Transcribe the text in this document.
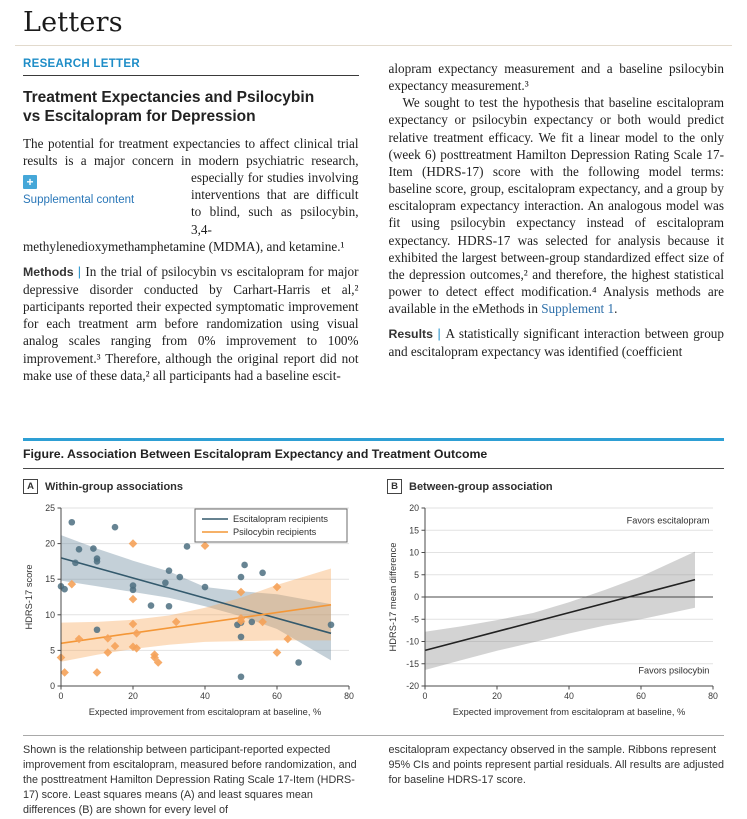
Letters
RESEARCH LETTER
Treatment Expectancies and Psilocybin vs Escitalopram for Depression

+
Supplemental content
The potential for treatment expectancies to affect clinical trial results is a major concern in modern psychiatric research, especially for studies involving interventions that are difficult to blind, such as psilocybin, 3,4-methylenedioxymethamphetamine (MDMA), and ketamine.¹

Methods | In the trial of psilocybin vs escitalopram for major depressive disorder conducted by Carhart-Harris et al,² participants reported their expected symptomatic improvement for each treatment arm before randomization using visual analog scales ranging from 0% improvement to 100% improvement.³ Therefore, although the original report did not make use of these data,² all participants had a baseline escit-

alopram expectancy measurement and a baseline psilocybin expectancy measurement.³

We sought to test the hypothesis that baseline escitalopram expectancy or psilocybin expectancy or both would predict relative treatment efficacy. We fit a linear model to the only (week 6) posttreatment Hamilton Depression Rating Scale 17-Item (HDRS-17) score with the following model terms: baseline score, group, escitalopram expectancy, and a group by escitalopram expectancy interaction. An analogous model was fit using psilocybin expectancy instead of escitalopram expectancy. HDRS-17 was selected for analysis because it exhibited the largest between-group standardized effect size of the depression outcomes,² and therefore, the highest statistical power to detect effect modification.⁴ Analysis methods are available in the eMethods in Supplement 1.

Results | A statistically significant interaction between group and escitalopram expectancy was identified (coefficient

Figure. Association Between Escitalopram Expectancy and Treatment Outcome
A	Within-group associations
0	20	40	60	80
0
5
10
15
20
25
Expected improvement from escitalopram at baseline, %
HDRS-17 score
Escitalopram recipients
Psilocybin recipients
B	Between-group association
0	20	40	60	80
-20
-15
-10
-5
0
5
10
15
20
Expected improvement from escitalopram at baseline, %
HDRS-17 mean difference
Favors escitalopram
Favors psilocybin
Shown is the relationship between participant-reported expected improvement from escitalopram, measured before randomization, and the posttreatment Hamilton Depression Rating Scale 17-Item (HDRS-17) score. Least squares means (A) and least squares mean differences (B) are shown for every level of
escitalopram expectancy observed in the sample. Ribbons represent 95% CIs and points represent partial residuals. All results are adjusted for baseline HDRS-17 score.
